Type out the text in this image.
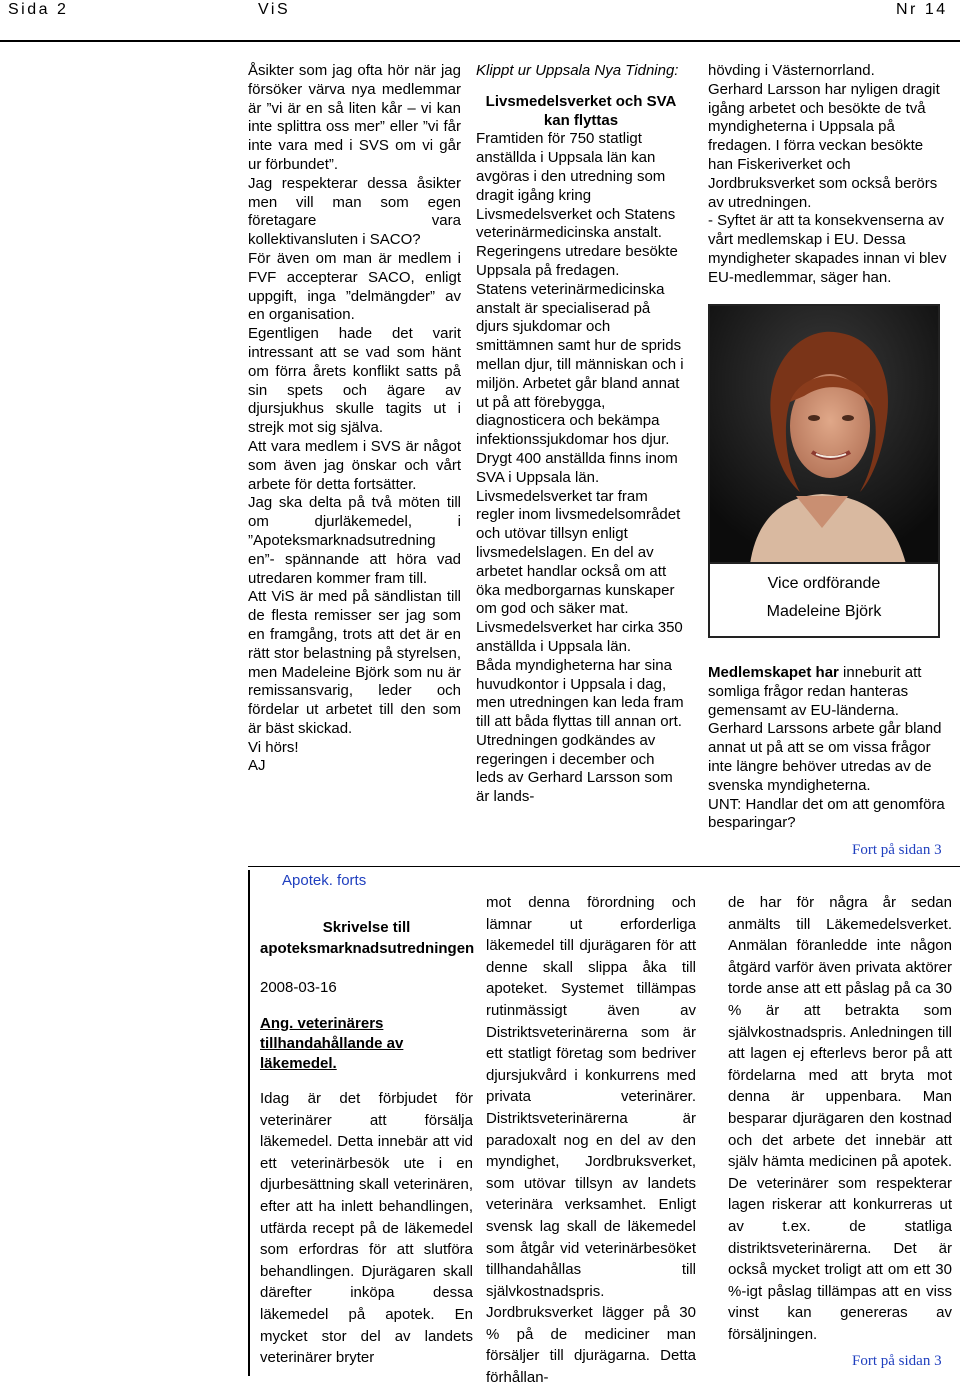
Sida 2	ViS	Nr 14

Åsikter som jag ofta hör när jag försöker värva nya medlemmar är ”vi är en så liten kår – vi kan inte splittra oss mer” eller ”vi får inte vara med i SVS om vi går ur förbundet”.

Jag respekterar dessa åsikter men vill man som egen företagare vara kollektivansluten i SACO?

För även om man är medlem i FVF accepterar SACO, enligt uppgift, inga ”delmängder” av en organisation.

Egentligen hade det varit intressant att se vad som hänt om förra årets konflikt satts på sin spets och ägare av djursjukhus skulle tagits ut i strejk mot sig själva.

Att vara medlem i SVS är något som även jag önskar och vårt arbete för detta fortsätter.

Jag ska delta på två möten till om djurläkemedel, i ”Apoteksmarknadsutredning en”- spännande att höra vad utredaren kommer fram till.

Att ViS är med på sändlistan till de flesta remisser ser jag som en framgång, trots att det är en rätt stor belastning på styrelsen, men Madeleine Björk som nu är remissansvarig, leder och fördelar ut arbetet till den som är bäst skickad.

Vi hörs!

AJ

Klippt ur Uppsala Nya Tidning:

Livsmedelsverket och SVA kan flyttas

Framtiden för 750 statligt anställda i Uppsala län kan avgöras i den utredning som dragit igång kring Livsmedelsverket och Statens veterinärmedicinska anstalt. Regeringens utredare besökte Uppsala på fredagen.

Statens veterinärmedicinska anstalt är specialiserad på djurs sjukdomar och smittämnen samt hur de sprids mellan djur, till människan och i miljön. Arbetet går bland annat ut på att förebygga, diagnosticera och bekämpa infektionssjukdomar hos djur. Drygt 400 anställda finns inom SVA i Uppsala län.

Livsmedelsverket tar fram regler inom livsmedelsområdet och utövar tillsyn enligt livsmedelslagen. En del av arbetet handlar också om att öka medborgarnas kunskaper om god och säker mat. Livsmedelsverket har cirka 350 anställda i Uppsala län.

Båda myndigheterna har sina huvudkontor i Uppsala i dag, men utredningen kan leda fram till att båda flyttas till annan ort. Utredningen godkändes av regeringen i december och leds av Gerhard Larsson som är lands-

hövding i Västernorrland.

Gerhard Larsson har nyligen dragit igång arbetet och besökte de två myndigheterna i Uppsala på fredagen. I förra veckan besökte han Fiskeriverket och Jordbruksverket som också berörs av utredningen.

- Syftet är att ta konsekvenserna av vårt medlemskap i EU. Dessa myndigheter skapades innan vi blev EU-medlemmar, säger han.

Vice ordförande
Madeleine Björk

Medlemskapet har inneburit att somliga frågor redan hanteras gemensamt av EU-länderna. Gerhard Larssons arbete går bland annat ut på att se om vissa frågor inte längre behöver utredas av de svenska myndigheterna.

UNT: Handlar det om att genomföra besparingar?

Fort på sidan 3
Apotek. forts
Skrivelse till apoteksmarknadsutredningen
2008-03-16
Ang. veterinärers tillhandahållande av läkemedel.
Idag är det förbjudet för veterinärer att försälja läkemedel. Detta innebär att vid ett veterinärbesök ute i en djurbesättning skall veterinären, efter att ha inlett behandlingen, utfärda recept på de läkemedel som erfordras för att slutföra behandlingen. Djurägaren skall därefter inköpa dessa läkemedel på apotek. En mycket stor del av landets veterinärer bryter

mot denna förordning och lämnar ut erforderliga läkemedel till djurägaren för att denne skall slippa åka till apoteket. Systemet tillämpas rutinmässigt även av Distriktsveterinärerna som är ett statligt företag som bedriver djursjukvård i konkurrens med privata veterinärer. Distriktsveterinärerna är paradoxalt nog en del av den myndighet, Jordbruksverket, som utövar tillsyn av landets veterinära verksamhet. Enligt svensk lag skall de läkemedel som åtgår vid veterinärbesöket tillhandahållas till självkostnadspris. Jordbruksverket lägger på 30 % på de mediciner man försäljer till djurägarna. Detta förhållan-

de har för några år sedan anmälts till Läkemedelsverket. Anmälan föranledde inte någon åtgärd varför även privata aktörer torde anse att ett påslag på ca 30 % är att betrakta som självkostnadspris. Anledningen till att lagen ej efterlevs beror på att fördelarna med att bryta mot denna är uppenbara. Man besparar djurägaren den kostnad och det arbete det innebär att själv hämta medicinen på apotek. De veterinärer som respekterar lagen riskerar att konkurreras ut av t.ex. de statliga distriktsveterinärerna. Det är också mycket troligt att om ett 30 %-igt påslag tillämpas att en viss vinst kan genereras av försäljningen.

Fort på sidan 3
